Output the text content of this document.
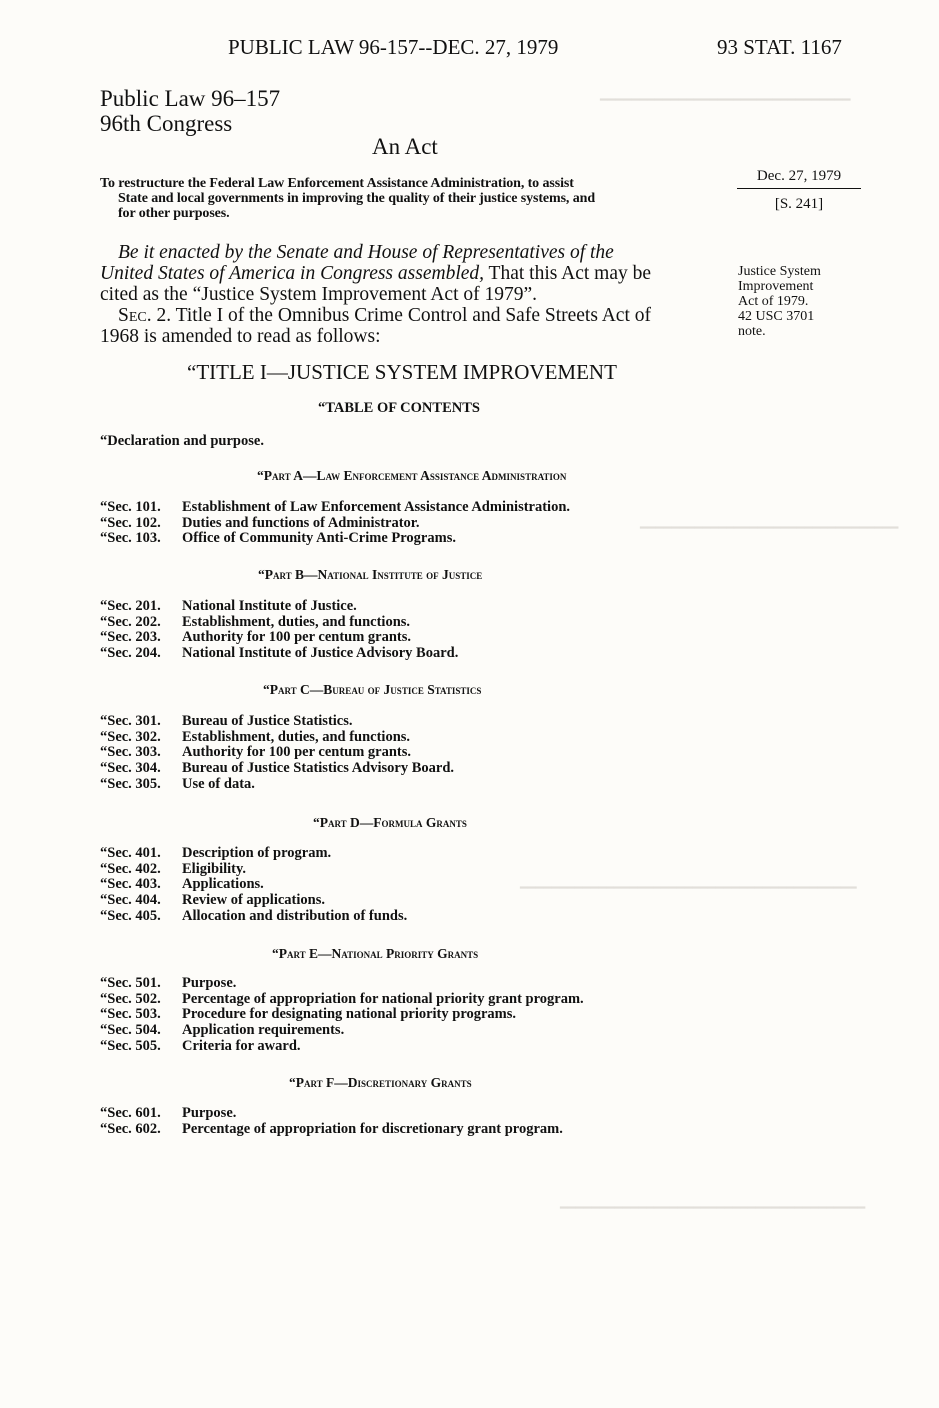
━━━━━━━━━━━━━━━━━━━━━━━━━━━━━━━━
━━━━━━━━━━━━━━━━━━━━━━━━━━━━━━━━━
━━━━━━━━━━━━━━━━━━━━━━━━━━━━━━━━━━━━━━━━━━━
━━━━━━━━━━━━━━━━━━━━━━━━━━━━━━━━━━━━━━━
PUBLIC LAW 96-157--DEC. 27, 1979	93 STAT. 1167
Public Law 96–157
96th Congress
An Act
To restructure the Federal Law Enforcement Assistance Administration, to assist
State and local governments in improving the quality of their justice systems, and
for other purposes.
Dec. 27, 1979
[S. 241]
Justice System
Improvement
Act of 1979.
42 USC 3701
note.
Be it enacted by the Senate and House of Representatives of the
United States of America in Congress assembled, That this Act may be
cited as the “Justice System Improvement Act of 1979”.
Sec. 2. Title I of the Omnibus Crime Control and Safe Streets Act of
1968 is amended to read as follows:
“TITLE I—JUSTICE SYSTEM IMPROVEMENT
“TABLE OF CONTENTS
“Declaration and purpose.
“Part A—Law Enforcement Assistance Administration
“Sec. 101. Establishment of Law Enforcement Assistance Administration.
“Sec. 102. Duties and functions of Administrator.
“Sec. 103. Office of Community Anti-Crime Programs.
“Part B—National Institute of Justice
“Sec. 201. National Institute of Justice.
“Sec. 202. Establishment, duties, and functions.
“Sec. 203. Authority for 100 per centum grants.
“Sec. 204. National Institute of Justice Advisory Board.
“Part C—Bureau of Justice Statistics
“Sec. 301. Bureau of Justice Statistics.
“Sec. 302. Establishment, duties, and functions.
“Sec. 303. Authority for 100 per centum grants.
“Sec. 304. Bureau of Justice Statistics Advisory Board.
“Sec. 305. Use of data.
“Part D—Formula Grants
“Sec. 401. Description of program.
“Sec. 402. Eligibility.
“Sec. 403. Applications.
“Sec. 404. Review of applications.
“Sec. 405. Allocation and distribution of funds.
“Part E—National Priority Grants
“Sec. 501. Purpose.
“Sec. 502. Percentage of appropriation for national priority grant program.
“Sec. 503. Procedure for designating national priority programs.
“Sec. 504. Application requirements.
“Sec. 505. Criteria for award.
“Part F—Discretionary Grants
“Sec. 601. Purpose.
“Sec. 602. Percentage of appropriation for discretionary grant program.
